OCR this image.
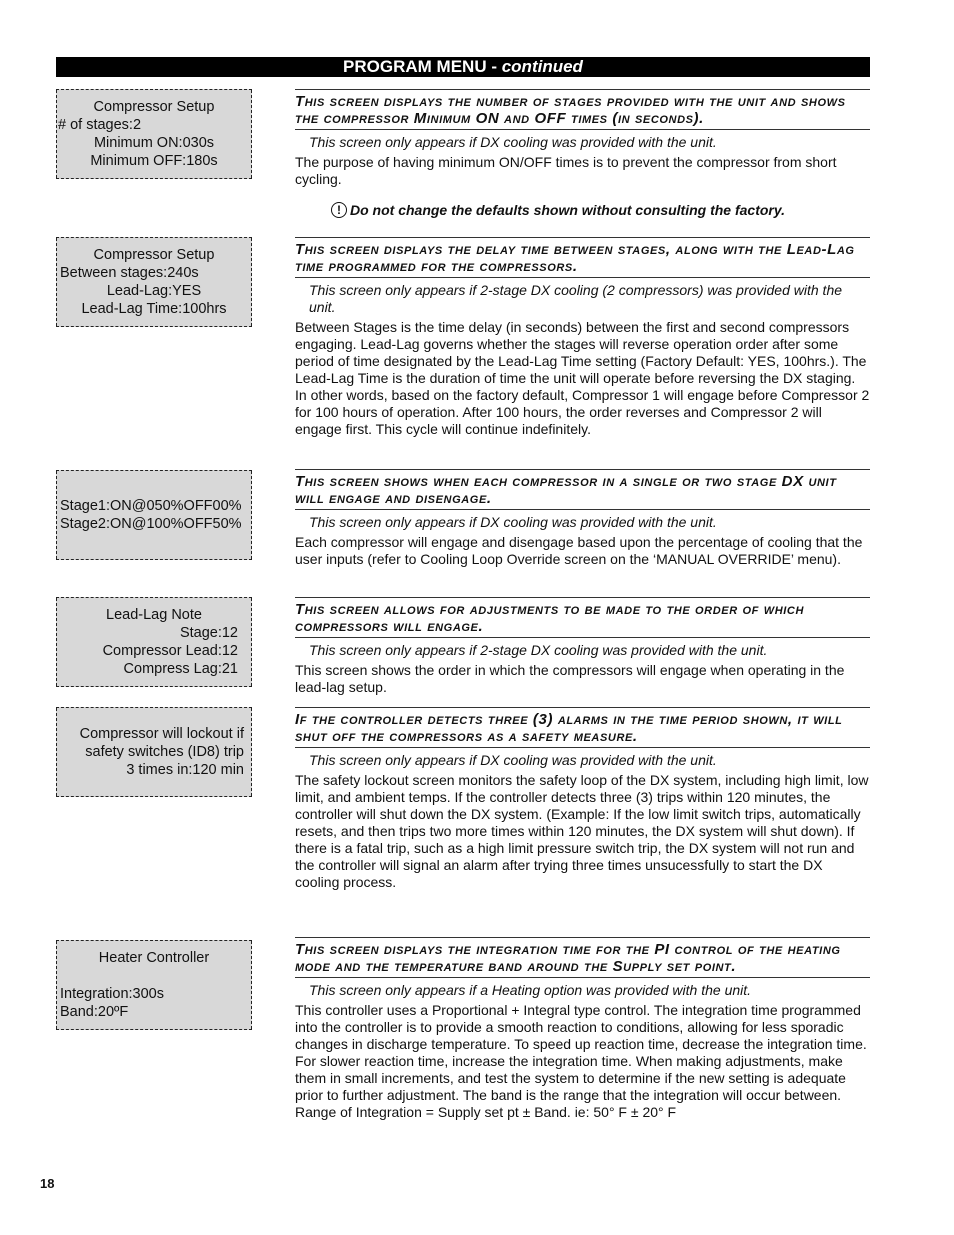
PROGRAM MENU - continued
Compressor Setup
# of stages:2
Minimum ON:030s
Minimum OFF:180s
Compressor Setup
Between stages:240s
Lead-Lag:YES
Lead-Lag Time:100hrs
Stage1:ON@050%OFF00%
Stage2:ON@100%OFF50%
Lead-Lag Note
Stage:12
Compressor Lead:12
Compress Lag:21
Compressor will lockout if
safety switches (ID8) trip
3 times in:120 min
Heater Controller
Integration:300s
Band:20ºF
This screen displays the number of stages provided with the unit and shows the compressor Minimum ON and OFF times (in seconds).
This screen only appears if DX cooling was provided with the unit.
The purpose of having minimum ON/OFF times is to prevent the compressor from short cycling.
! Do not change the defaults shown without consulting the factory.
This screen displays the delay time between stages, along with the Lead-Lag time programmed for the compressors.
This screen only appears if 2-stage DX cooling (2 compressors) was provided with the unit.
Between Stages is the time delay (in seconds) between the first and second compressors engaging. Lead-Lag governs whether the stages will reverse operation order after some period of time designated by the Lead-Lag Time setting (Factory Default: YES, 100hrs.). The Lead-Lag Time is the duration of time the unit will operate before reversing the DX staging. In other words, based on the factory default, Compressor 1 will engage before Compressor 2 for 100 hours of operation. After 100 hours, the order reverses and Compressor 2 will engage first. This cycle will continue indefinitely.
This screen shows when each compressor in a single or two stage DX unit will engage and disengage.
This screen only appears if DX cooling was provided with the unit.
Each compressor will engage and disengage based upon the percentage of cooling that the user inputs (refer to Cooling Loop Override screen on the ‘MANUAL OVERRIDE’ menu).
This screen allows for adjustments to be made to the order of which compressors will engage.
This screen only appears if 2-stage DX cooling was provided with the unit.
This screen shows the order in which the compressors will engage when operating in the lead-lag setup.
If the controller detects three (3) alarms in the time period shown, it will shut off the compressors as a safety measure.
This screen only appears if DX cooling was provided with the unit.
The safety lockout screen monitors the safety loop of the DX system, including high limit, low limit, and ambient temps. If the controller detects three (3) trips within 120 minutes, the controller will shut down the DX system. (Example: If the low limit switch trips, automatically resets, and then trips two more times within 120 minutes, the DX system will shut down). If there is a fatal trip, such as a high limit pressure switch trip, the DX system will not run and the controller will signal an alarm after trying three times unsucessfully to start the DX cooling process.
This screen displays the integration time for the PI control of the heating mode and the temperature band around the Supply set point.
This screen only appears if a Heating option was provided with the unit.
This controller uses a Proportional + Integral type control. The integration time programmed into the controller is to provide a smooth reaction to conditions, allowing for less sporadic changes in discharge temperature. To speed up reaction time, decrease the integration time. For slower reaction time, increase the integration time. When making adjustments, make them in small increments, and test the system to determine if the new setting is adequate prior to further adjustment. The band is the range that the integration will occur between.
Range of Integration = Supply set pt ± Band. ie: 50° F ± 20° F
18
